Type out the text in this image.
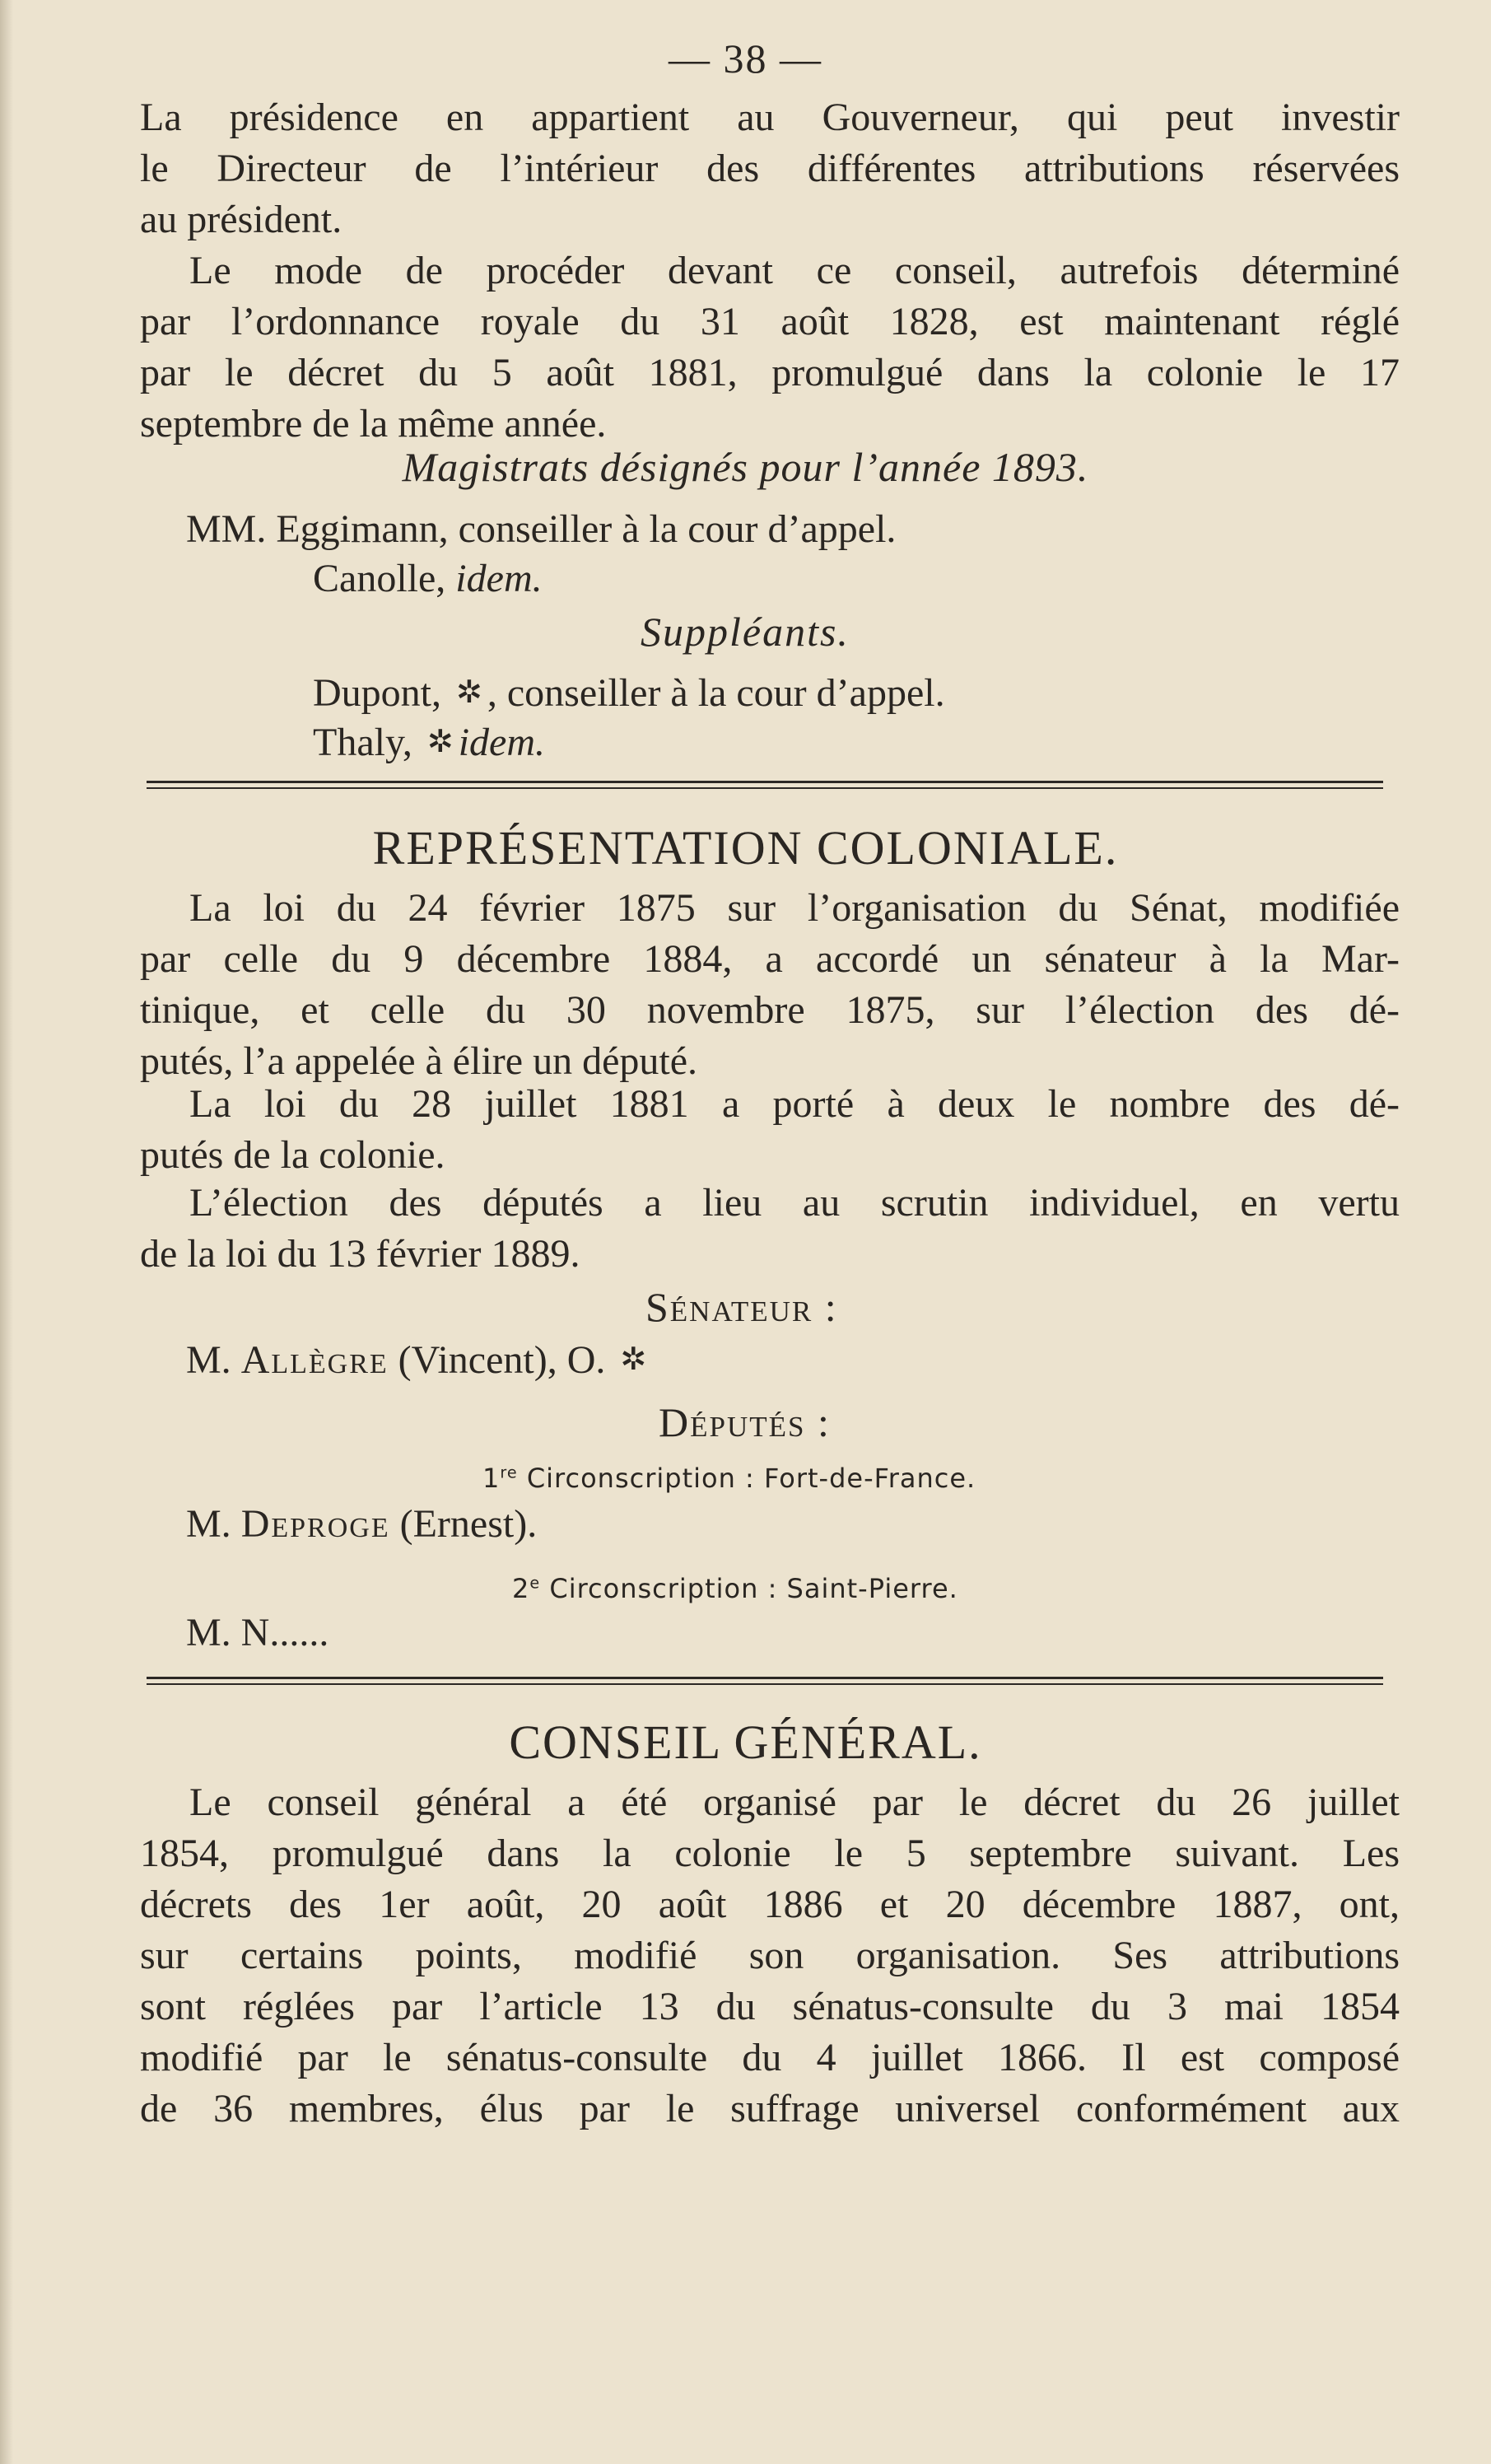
— 38 —
La présidence en appartient au Gouverneur, qui peut investir
le Directeur de l’intérieur des différentes attributions réservées
au président.
Le mode de procéder devant ce conseil, autrefois déterminé
par l’ordonnance royale du 31 août 1828, est maintenant réglé
par le décret du 5 août 1881, promulgué dans la colonie le 17
septembre de la même année.
Magistrats désignés pour l’année 1893.
MM. Eggimann, conseiller à la cour d’appel.
Canolle, idem.
Suppléants.
Dupont, ✲ , conseiller à la cour d’appel.
Thaly, ✲ idem.
REPRÉSENTATION COLONIALE.
La loi du 24 février 1875 sur l’organisation du Sénat, modifiée
par celle du 9 décembre 1884, a accordé un sénateur à la Mar-
tinique, et celle du 30 novembre 1875, sur l’élection des dé-
putés, l’a appelée à élire un député.
La loi du 28 juillet 1881 a porté à deux le nombre des dé-
putés de la colonie.
L’élection des députés a lieu au scrutin individuel, en vertu
de la loi du 13 février 1889.
Sénateur :
M. Allègre (Vincent), O. ✲
Députés :
1re Circonscription : Fort-de-France.
M. Deproge (Ernest).
2e Circonscription : Saint-Pierre.
M. N......
CONSEIL GÉNÉRAL.
Le conseil général a été organisé par le décret du 26 juillet
1854, promulgué dans la colonie le 5 septembre suivant. Les
décrets des 1er août, 20 août 1886 et 20 décembre 1887, ont,
sur certains points, modifié son organisation. Ses attributions
sont réglées par l’article 13 du sénatus-consulte du 3 mai 1854
modifié par le sénatus-consulte du 4 juillet 1866. Il est composé
de 36 membres, élus par le suffrage universel conformément aux
